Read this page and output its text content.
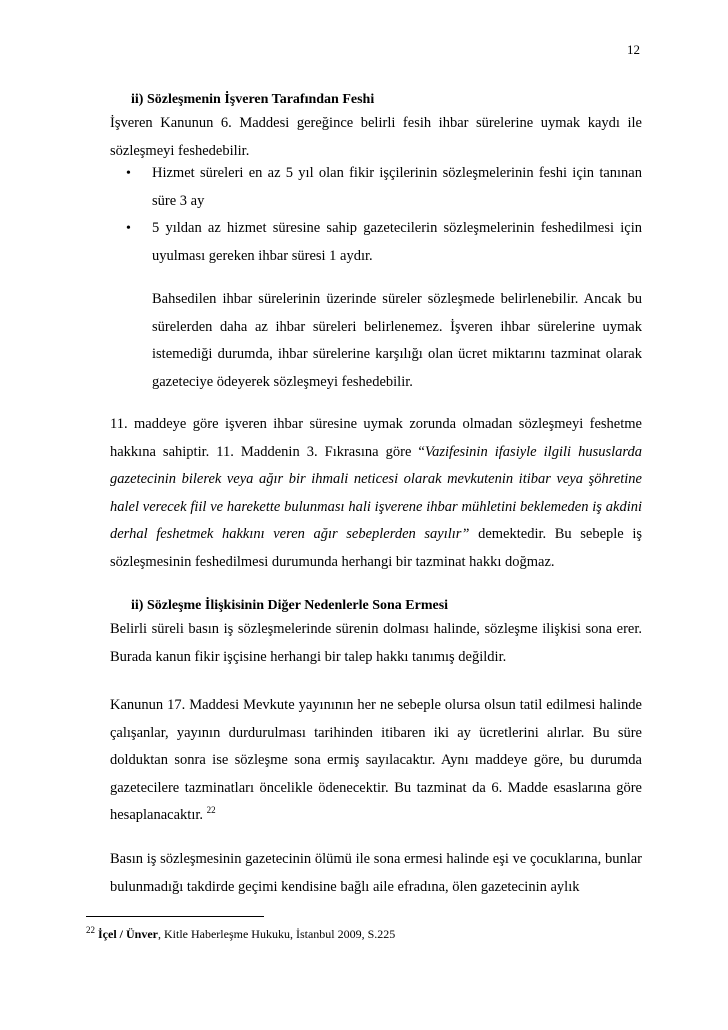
12
ii) Sözleşmenin İşveren Tarafından Feshi
İşveren Kanunun 6. Maddesi gereğince belirli fesih ihbar sürelerine uymak kaydı ile sözleşmeyi feshedebilir.
• Hizmet süreleri en az 5 yıl olan fikir işçilerinin sözleşmelerinin feshi için tanınan süre 3 ay
• 5 yıldan az hizmet süresine sahip gazetecilerin sözleşmelerinin feshedilmesi için uyulması gereken ihbar süresi 1 aydır.
Bahsedilen ihbar sürelerinin üzerinde süreler sözleşmede belirlenebilir. Ancak bu sürelerden daha az ihbar süreleri belirlenemez. İşveren ihbar sürelerine uymak istemediği durumda, ihbar sürelerine karşılığı olan ücret miktarını tazminat olarak gazeteciye ödeyerek sözleşmeyi feshedebilir.
11. maddeye göre işveren ihbar süresine uymak zorunda olmadan sözleşmeyi feshetme hakkına sahiptir. 11. Maddenin 3. Fıkrasına göre “Vazifesinin ifasiyle ilgili hususlarda gazetecinin bilerek veya ağır bir ihmali neticesi olarak mevkutenin itibar veya şöhretine halel verecek fiil ve harekette bulunması hali işverene ihbar mühletini beklemeden iş akdini derhal feshetmek hakkını veren ağır sebeplerden sayılır” demektedir. Bu sebeple iş sözleşmesinin feshedilmesi durumunda herhangi bir tazminat hakkı doğmaz.
ii) Sözleşme İlişkisinin Diğer Nedenlerle Sona Ermesi
Belirli süreli basın iş sözleşmelerinde sürenin dolması halinde, sözleşme ilişkisi sona erer. Burada kanun fikir işçisine herhangi bir talep hakkı tanımış değildir.
Kanunun 17. Maddesi Mevkute yayınının her ne sebeple olursa olsun tatil edilmesi halinde çalışanlar, yayının durdurulması tarihinden itibaren iki ay ücretlerini alırlar. Bu süre dolduktan sonra ise sözleşme sona ermiş sayılacaktır. Aynı maddeye göre, bu durumda gazetecilere tazminatları öncelikle ödenecektir. Bu tazminat da 6. Madde esaslarına göre hesaplanacaktır. $^{22}$
Basın iş sözleşmesinin gazetecinin ölümü ile sona ermesi halinde eşi ve çocuklarına, bunlar bulunmadığı takdirde geçimi kendisine bağlı aile efradına, ölen gazetecinin aylık
$^{22}$ İçel / Ünver, Kitle Haberleşme Hukuku, İstanbul 2009, S.225
